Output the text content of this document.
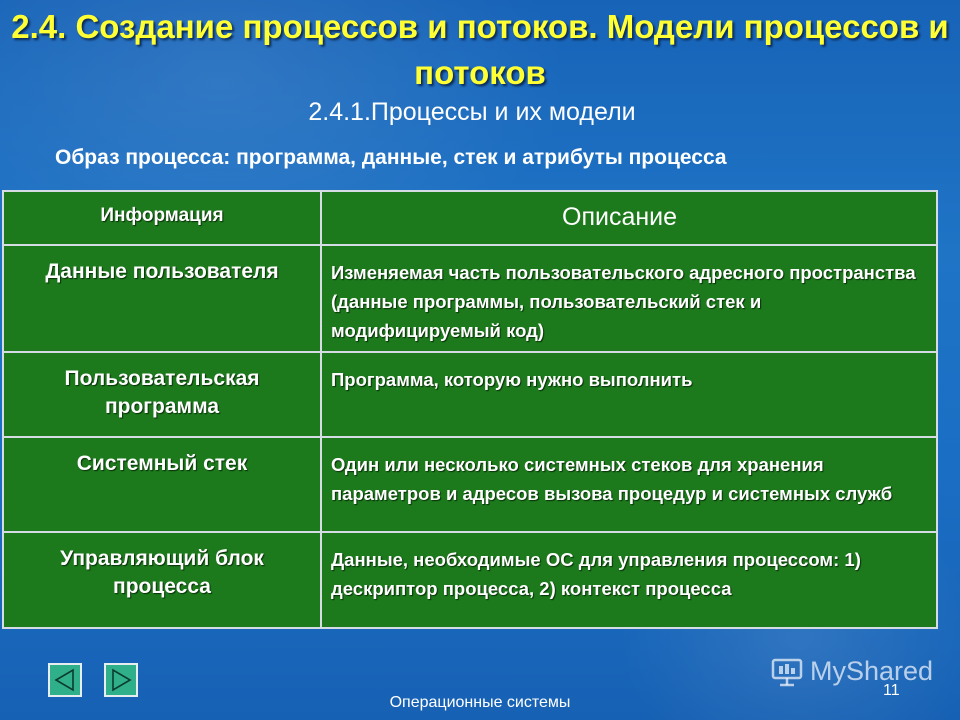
2.4. Создание процессов и потоков. Модели процессов и потоков
2.4.1.Процессы и их модели
Образ процесса: программа, данные, стек и атрибуты процесса
Информация	Описание
Данные пользователя	Изменяемая часть пользовательского адресного пространства (данные программы, пользовательский стек и модифицируемый код)
Пользовательская программа	Программа, которую нужно выполнить
Системный стек	Один или несколько системных стеков для хранения параметров и адресов вызова процедур и системных служб
Управляющий блок процесса	Данные, необходимые ОС для управления процессом: 1) дескриптор процесса, 2) контекст процесса
MyShared
11
Операционные системы
